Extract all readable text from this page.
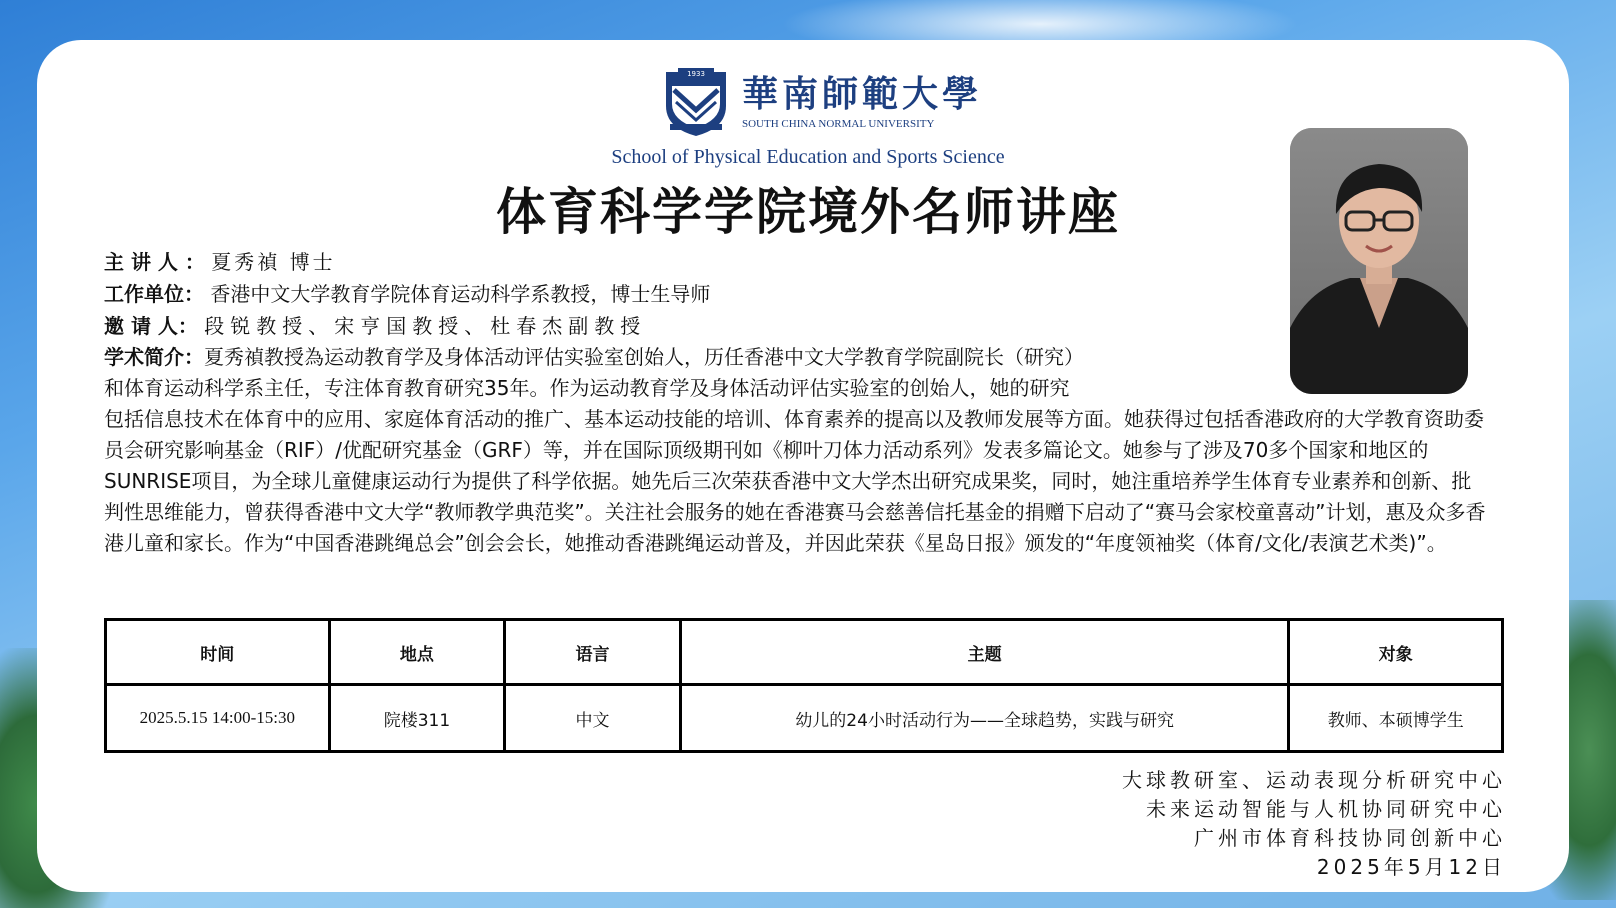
1933 華南師範大學
SOUTH CHINA NORMAL UNIVERSITY
School of Physical Education and Sports Science
体育科学学院境外名师讲座
主 讲 人 ： 夏秀禎 博士
工作单位： 香港中文大学教育学院体育运动科学系教授，博士生导师
邀 请 人： 段锐教授、宋亨国教授、杜春杰副教授
学术简介：夏秀禎教授為运动教育学及身体活动评估实验室创始人，历任香港中文大学教育学院副院长（研究）
和体育运动科学系主任，专注体育教育研究35年。作为运动教育学及身体活动评估实验室的创始人，她的研究
包括信息技术在体育中的应用、家庭体育活动的推广、基本运动技能的培训、体育素养的提高以及教师发展等方面。她获得过包括香港政府的大学教育资助委员会研究影响基金（RIF）/优配研究基金（GRF）等，并在国际顶级期刊如《柳叶刀体力活动系列》发表多篇论文。她参与了涉及70多个国家和地区的SUNRISE项目，为全球儿童健康运动行为提供了科学依据。她先后三次荣获香港中文大学杰出研究成果奖，同时，她注重培养学生体育专业素养和创新、批判性思维能力，曾获得香港中文大学“教师教学典范奖”。关注社会服务的她在香港赛马会慈善信托基金的捐赠下启动了“赛马会家校童喜动”计划，惠及众多香港儿童和家长。作为“中国香港跳绳总会”创会会长，她推动香港跳绳运动普及，并因此荣获《星岛日报》颁发的“年度领袖奖（体育/文化/表演艺术类)”。
时间	地点	语言	主题	对象
2025.5.15 14:00-15:30	院楼311	中文	幼儿的24小时活动行为——全球趋势，实践与研究	教师、本硕博学生
大球教研室、运动表现分析研究中心
未来运动智能与人机协同研究中心
广州市体育科技协同创新中心
2025年5月12日
